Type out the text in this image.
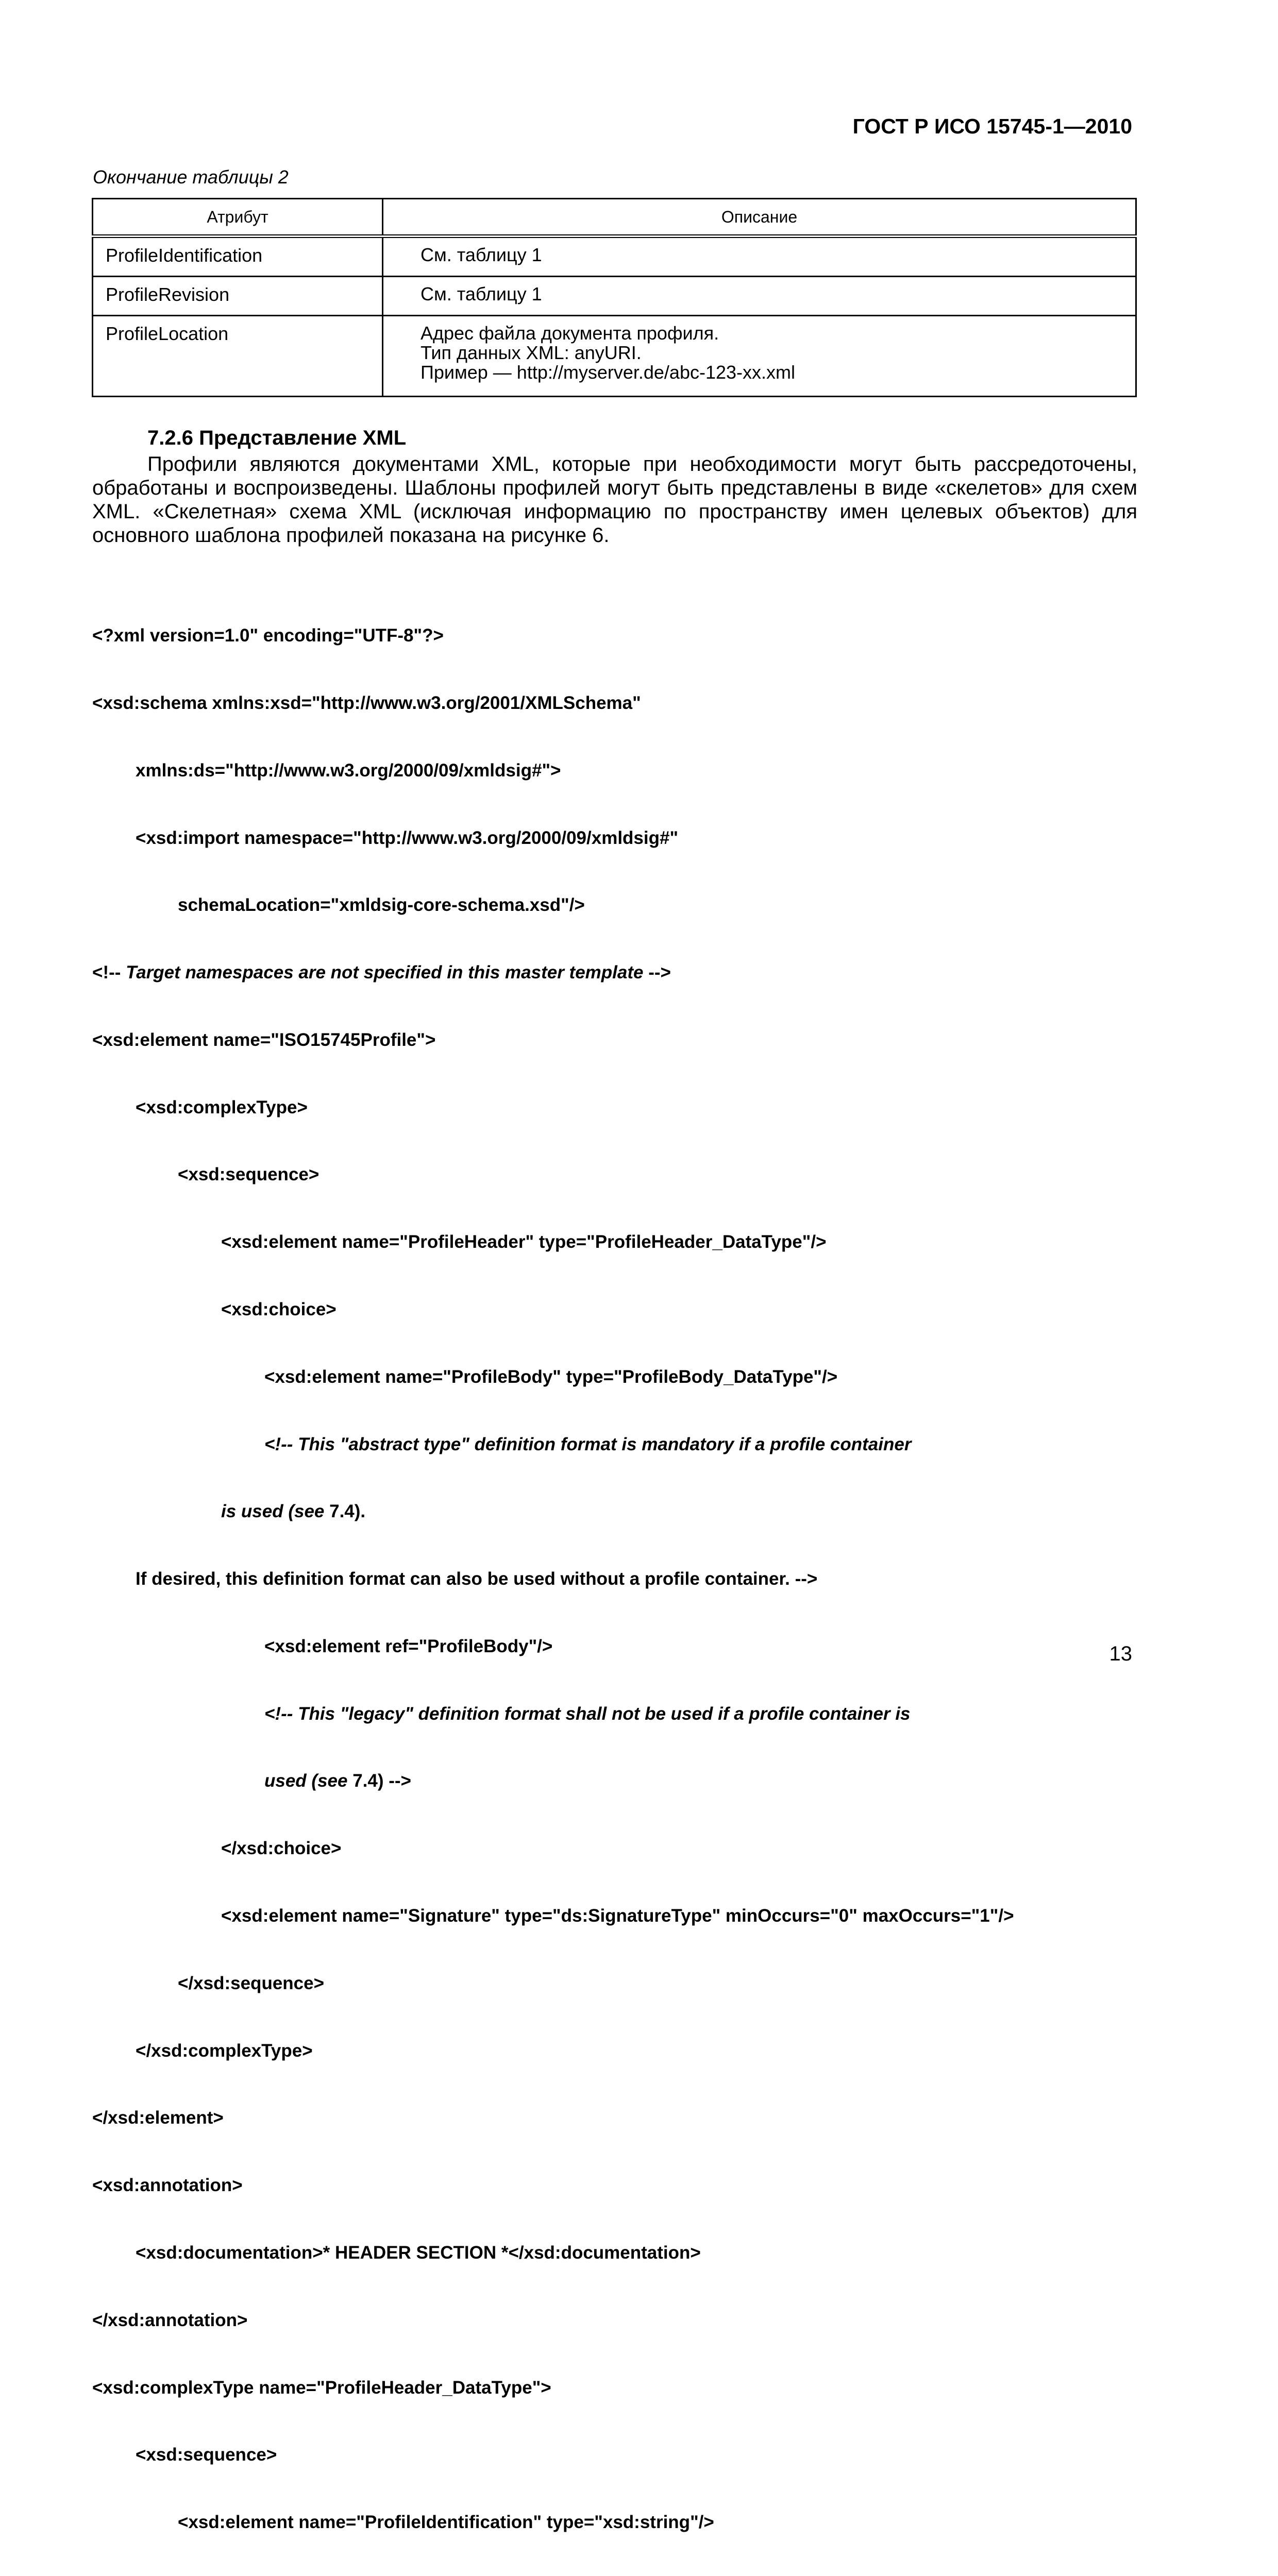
ГОСТ Р ИСО 15745-1—2010
Окончание таблицы 2
Атрибут	Описание
ProfileIdentification	См. таблицу 1

ProfileRevision	См. таблицу 1

ProfileLocation	Адрес файла документа профиля.
Тип данных XML: anyURI.
Пример — http://myserver.de/abc-123-xx.xml
7.2.6 Представление XML
Профили являются документами XML, которые при необходимости могут быть рассредоточены, обработаны и воспроизведены. Шаблоны профилей могут быть представлены в виде «скелетов» для схем XML. «Скелетная» схема XML (исключая информацию по пространству имен целевых объектов) для основного шаблона профилей показана на рисунке 6.

<?xml version=1.0" encoding="UTF-8"?>

<xsd:schema xmlns:xsd="http://www.w3.org/2001/XMLSchema"

xmlns:ds="http://www.w3.org/2000/09/xmldsig#">

<xsd:import namespace="http://www.w3.org/2000/09/xmldsig#"

schemaLocation="xmldsig-core-schema.xsd"/>

<!-- Target namespaces are not specified in this master template -->

<xsd:element name="ISO15745Profile">

<xsd:complexType>

<xsd:sequence>

<xsd:element name="ProfileHeader" type="ProfileHeader_DataType"/>

<xsd:choice>

<xsd:element name="ProfileBody" type="ProfileBody_DataType"/>

<!-- This "abstract type" definition format is mandatory if a profile container

is used (see 7.4).

If desired, this definition format can also be used without a profile container. -->

<xsd:element ref="ProfileBody"/>

<!-- This "legacy" definition format shall not be used if a profile container is

used (see 7.4) -->

</xsd:choice>

<xsd:element name="Signature" type="ds:SignatureType" minOccurs="0" maxOccurs="1"/>

</xsd:sequence>

</xsd:complexType>

</xsd:element>

<xsd:annotation>

<xsd:documentation>* HEADER SECTION *</xsd:documentation>

</xsd:annotation>

<xsd:complexType name="ProfileHeader_DataType">

<xsd:sequence>

<xsd:element name="ProfileIdentification" type="xsd:string"/>

13
